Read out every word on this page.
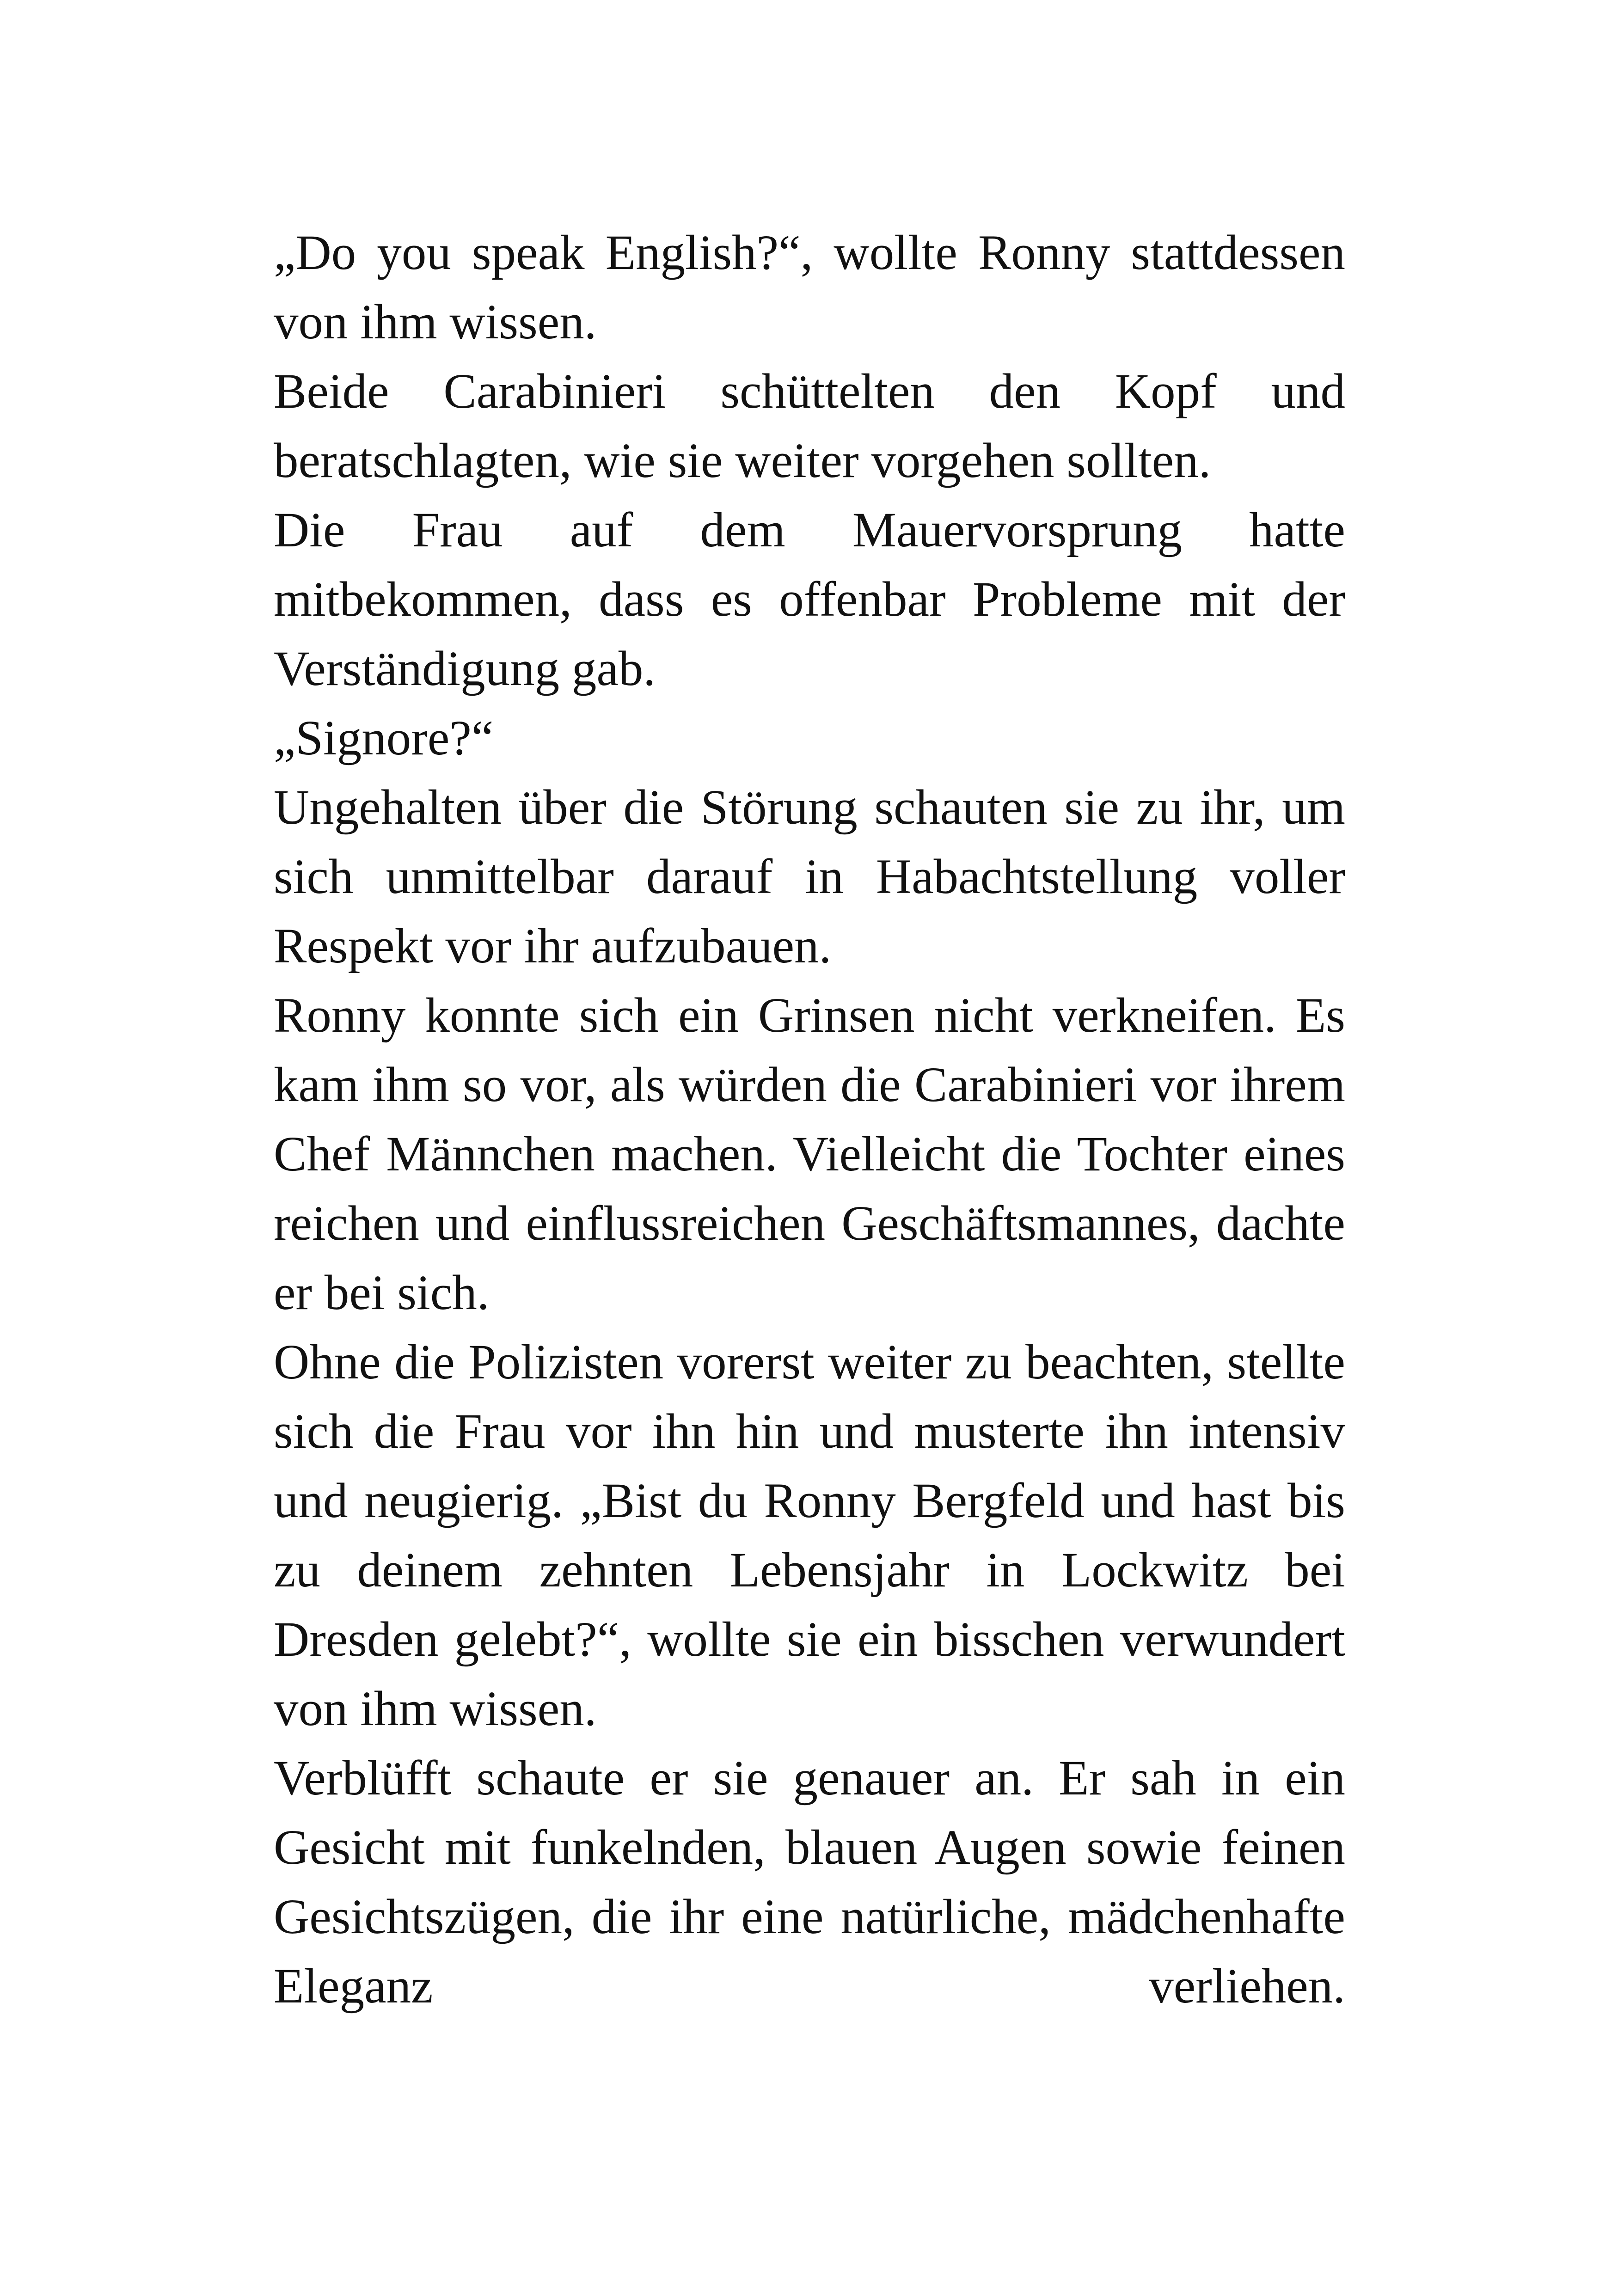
„Do you speak English?“, wollte Ronny stattdessen von ihm wissen.

Beide Carabinieri schüttelten den Kopf und beratschlagten, wie sie weiter vorgehen sollten.

Die Frau auf dem Mauervorsprung hatte mitbekommen, dass es offenbar Probleme mit der Verständigung gab.

„Signore?“

Ungehalten über die Störung schauten sie zu ihr, um sich unmittelbar darauf in Habachtstellung voller Respekt vor ihr aufzubauen.

Ronny konnte sich ein Grinsen nicht verkneifen. Es kam ihm so vor, als würden die Carabinieri vor ihrem Chef Männchen machen. Vielleicht die Tochter eines reichen und einflussreichen Geschäftsmannes, dachte er bei sich.

Ohne die Polizisten vorerst weiter zu beachten, stellte sich die Frau vor ihn hin und musterte ihn intensiv und neugierig. „Bist du Ronny Bergfeld und hast bis zu deinem zehnten Lebensjahr in Lockwitz bei Dresden gelebt?“, wollte sie ein bisschen verwundert von ihm wissen.

Verblüfft schaute er sie genauer an. Er sah in ein Gesicht mit funkelnden, blauen Augen sowie feinen Gesichtszügen, die ihr eine natürliche, mädchenhafte Eleganz verliehen.
